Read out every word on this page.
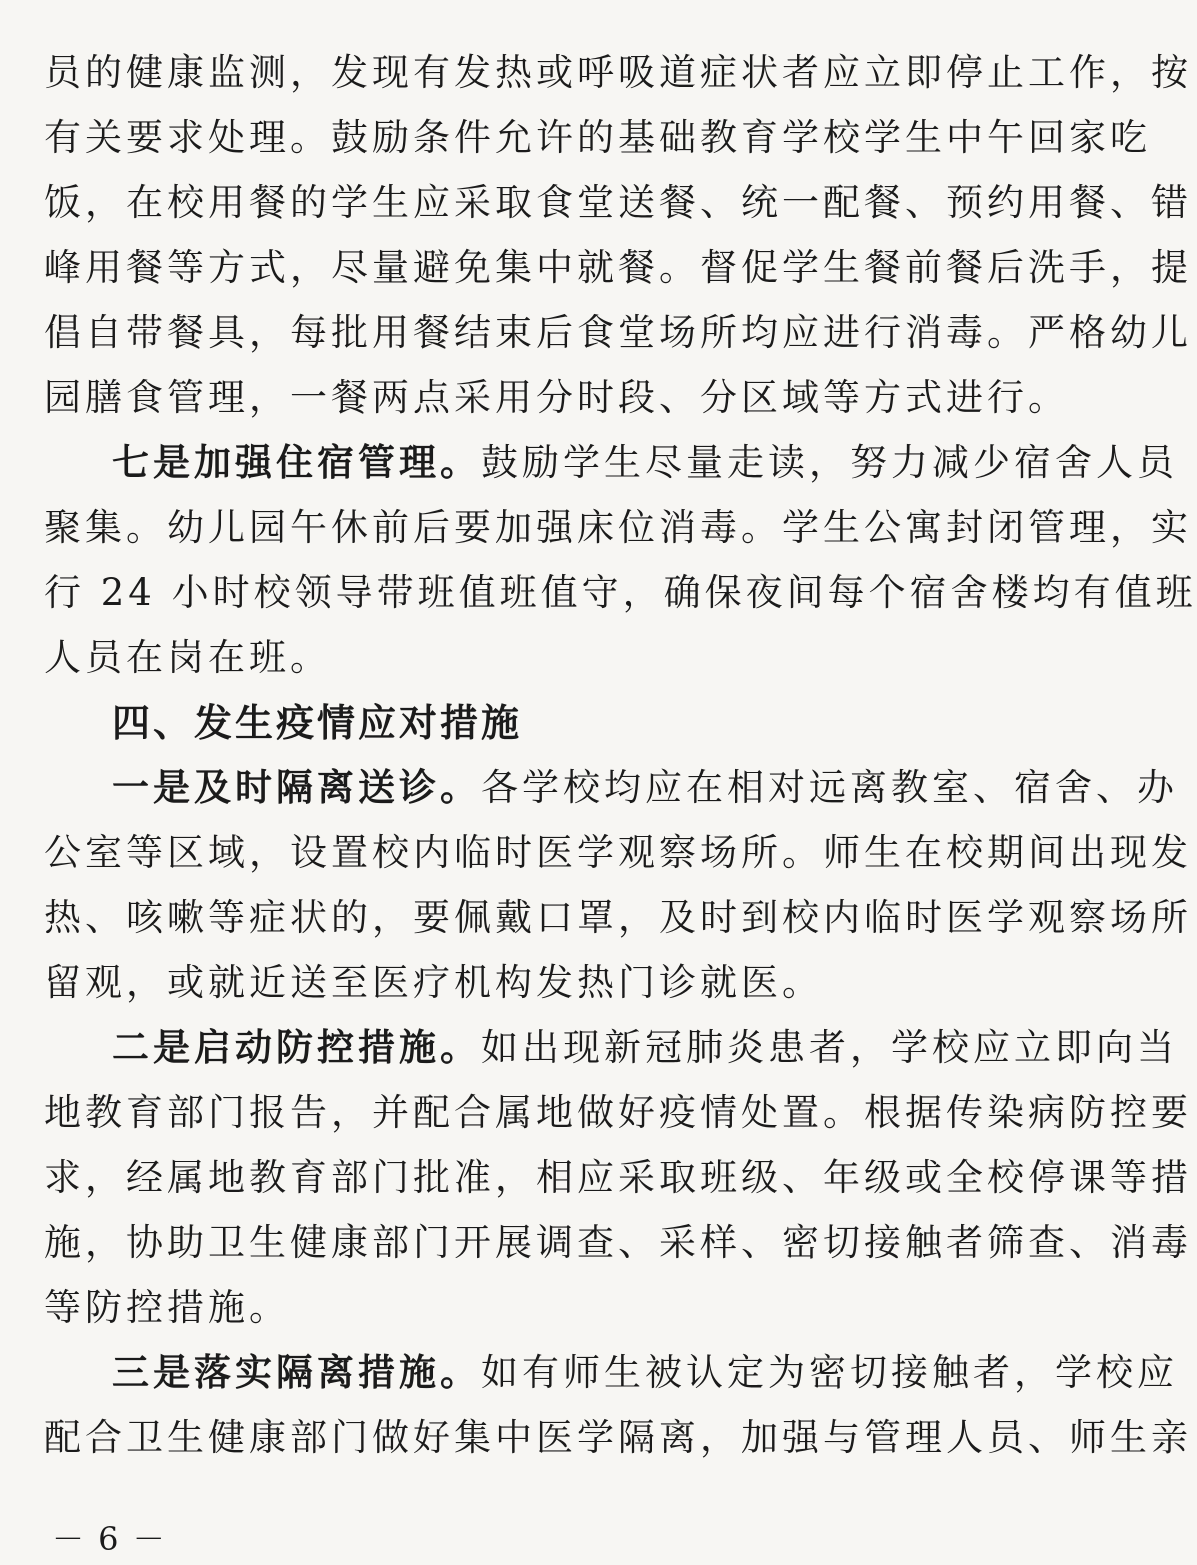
员的健康监测，发现有发热或呼吸道症状者应立即停止工作，按
有关要求处理。鼓励条件允许的基础教育学校学生中午回家吃
饭，在校用餐的学生应采取食堂送餐、统一配餐、预约用餐、错
峰用餐等方式，尽量避免集中就餐。督促学生餐前餐后洗手，提
倡自带餐具，每批用餐结束后食堂场所均应进行消毒。严格幼儿
园膳食管理，一餐两点采用分时段、分区域等方式进行。
七是加强住宿管理。鼓励学生尽量走读，努力减少宿舍人员
聚集。幼儿园午休前后要加强床位消毒。学生公寓封闭管理，实
行 24 小时校领导带班值班值守，确保夜间每个宿舍楼均有值班
人员在岗在班。
四、发生疫情应对措施
一是及时隔离送诊。各学校均应在相对远离教室、宿舍、办
公室等区域，设置校内临时医学观察场所。师生在校期间出现发
热、咳嗽等症状的，要佩戴口罩，及时到校内临时医学观察场所
留观，或就近送至医疗机构发热门诊就医。
二是启动防控措施。如出现新冠肺炎患者，学校应立即向当
地教育部门报告，并配合属地做好疫情处置。根据传染病防控要
求，经属地教育部门批准，相应采取班级、年级或全校停课等措
施，协助卫生健康部门开展调查、采样、密切接触者筛查、消毒
等防控措施。
三是落实隔离措施。如有师生被认定为密切接触者，学校应
配合卫生健康部门做好集中医学隔离，加强与管理人员、师生亲
－ 6 －
